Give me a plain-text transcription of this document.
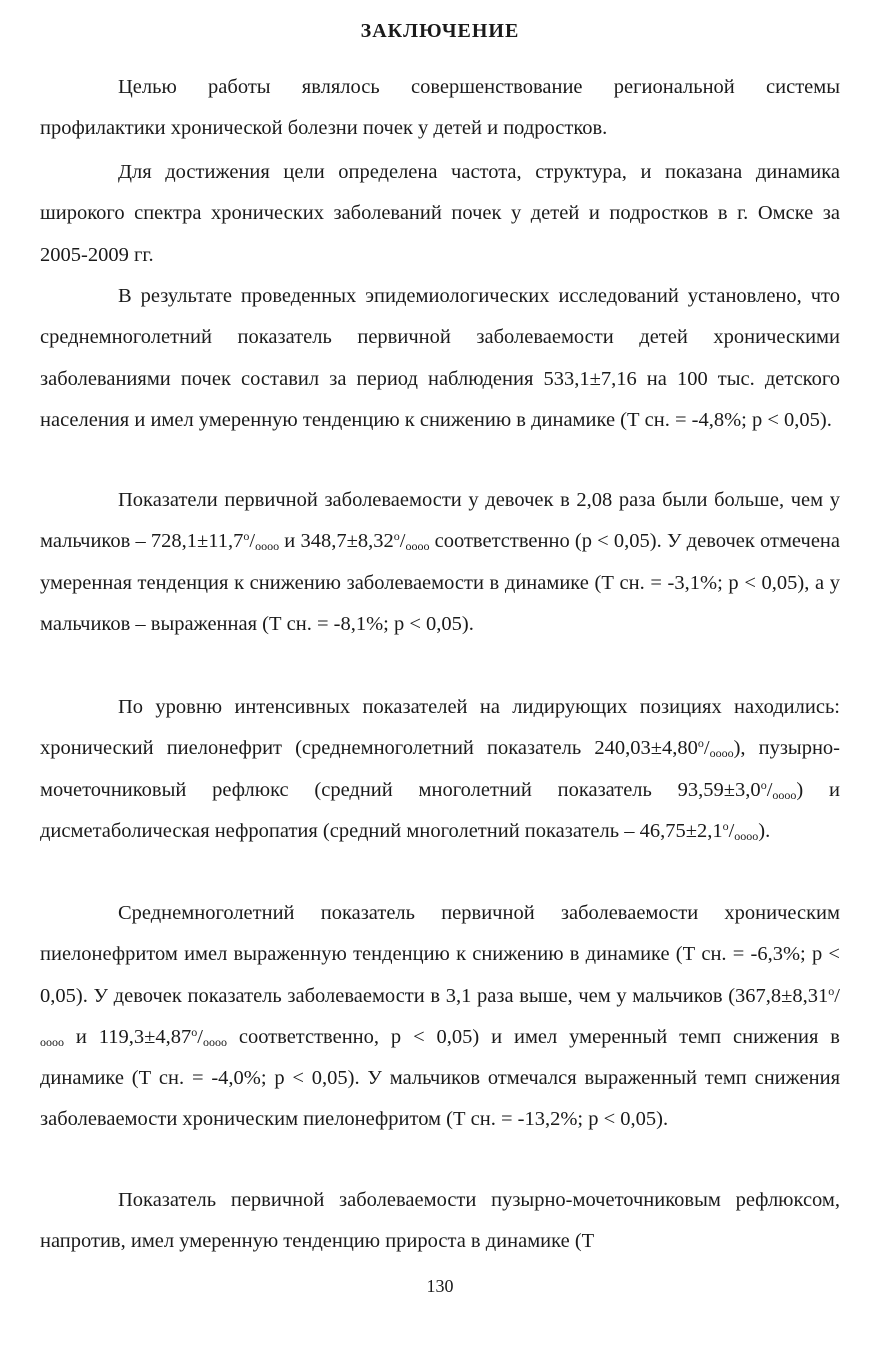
ЗАКЛЮЧЕНИЕ

Целью работы являлось совершенствование региональной системы профилактики хронической болезни почек у детей и подростков.

Для достижения цели определена частота, структура, и показана динамика широкого спектра хронических заболеваний почек у детей и подростков в г. Омске за 2005-2009 гг.

В результате проведенных эпидемиологических исследований установлено, что среднемноголетний показатель первичной заболеваемости детей хроническими заболеваниями почек составил за период наблюдения 533,1±7,16 на 100 тыс. детского населения и имел умеренную тенденцию к снижению в динамике (Т сн. = -4,8%; p < 0,05).

Показатели первичной заболеваемости у девочек в 2,08 раза были больше, чем у мальчиков – $728,1\pm 11,7^о/_{оооо}$ и $348,7\pm 8,32^о/_{оооо}$ соответственно (р < 0,05). У девочек отмечена умеренная тенденция к снижению заболеваемости в динамике (Т сн. = -3,1%; p < 0,05), а у мальчиков – выраженная (Т сн. = -8,1%; p < 0,05).

По уровню интенсивных показателей на лидирующих позициях находились: хронический пиелонефрит (среднемноголетний показатель $240,03\pm 4,80^о/_{оооо}$), пузырно-мочеточниковый рефлюкс (средний многолетний показатель $93,59\pm 3,0^о/_{оооо}$) и дисметаболическая нефропатия (средний многолетний показатель – $46,75\pm 2,1^о/_{оооо}$).

Среднемноголетний показатель первичной заболеваемости хроническим пиелонефритом имел выраженную тенденцию к снижению в динамике (Т сн. = -6,3%; p < 0,05). У девочек показатель заболеваемости в 3,1 раза выше, чем у мальчиков ($367,8\pm 8,31^о/_{оооо}$ и $119,3\pm 4,87^о/_{оооо}$ соответственно, р < 0,05) и имел умеренный темп снижения в динамике (Т сн. = -4,0%; p < 0,05). У мальчиков отмечался выраженный темп снижения заболеваемости хроническим пиелонефритом (Т сн. = -13,2%; p < 0,05).

Показатель первичной заболеваемости пузырно-мочеточниковым рефлюксом, напротив, имел умеренную тенденцию прироста в динамике (Т

130
